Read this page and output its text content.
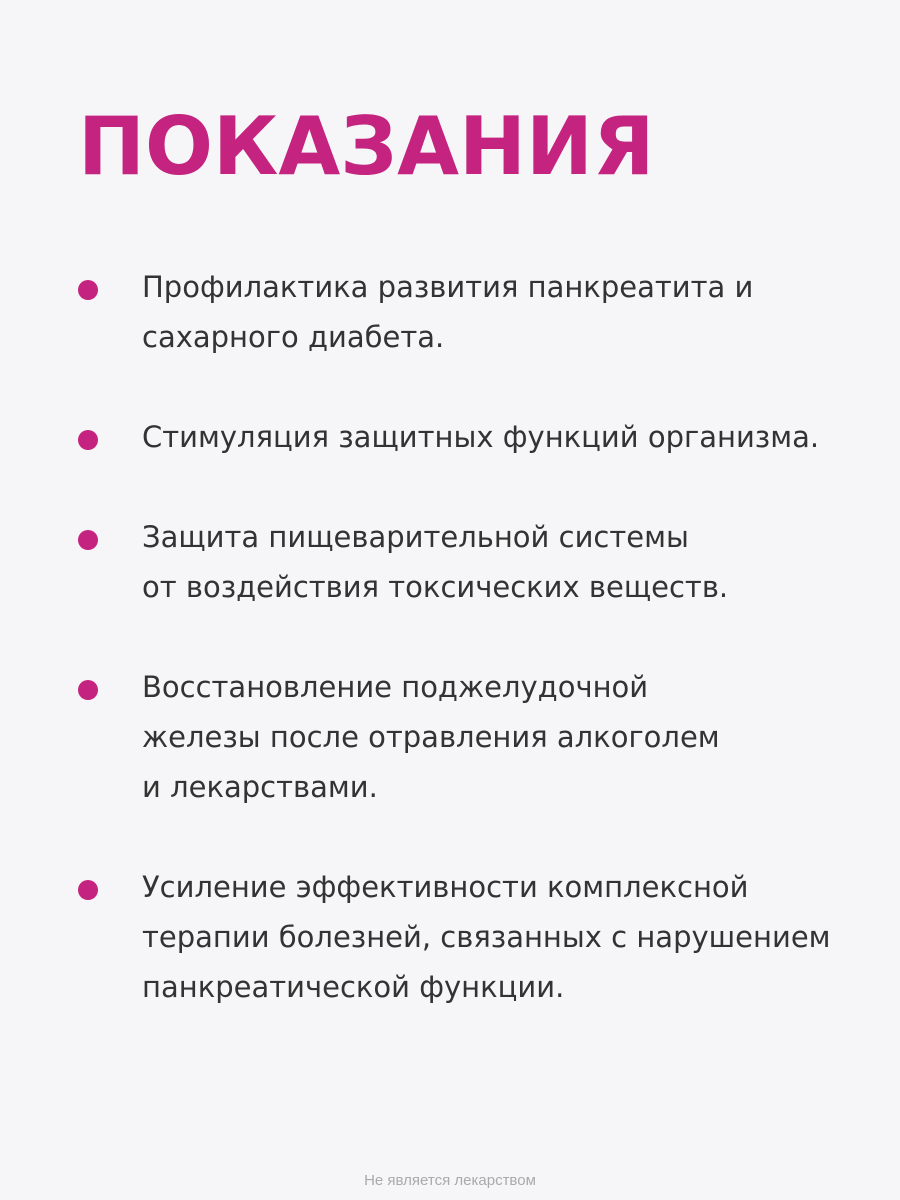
ПОКАЗАНИЯ
Профилактика развития панкреатита и
сахарного диабета.
Стимуляция защитных функций организма.
Защита пищеварительной системы
от воздействия токсических веществ.
Восстановление поджелудочной
железы после отравления алкоголем
и лекарствами.
Усиление эффективности комплексной
терапии болезней, связанных с нарушением
панкреатической функции.
Не является лекарством
